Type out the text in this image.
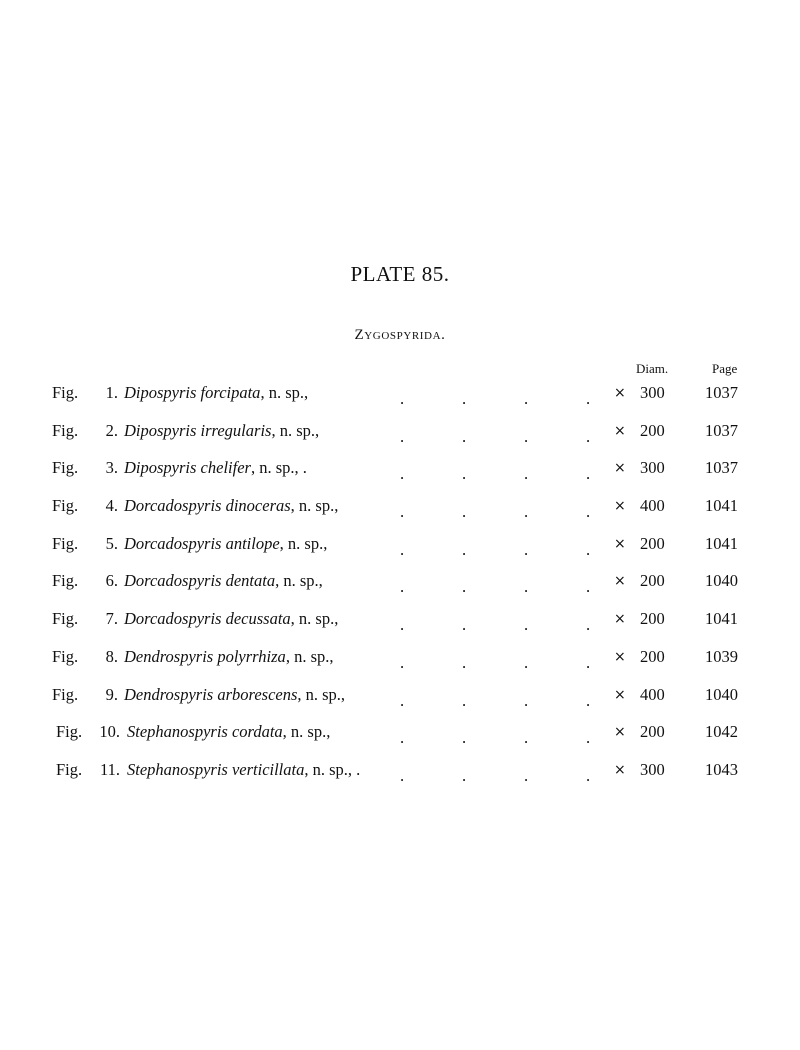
PLATE 85.
Zygospyrida.
Diam.	Page
Fig.	1. Dipospyris forcipata, n. sp.,	.	.	.	. × 300 1037
Fig.	2. Dipospyris irregularis, n. sp.,	.	.	.	. × 200 1037
Fig.	3. Dipospyris chelifer, n. sp., .	.	.	.	. × 300 1037
Fig.	4. Dorcadospyris dinoceras, n. sp.,	.	.	.	. × 400 1041
Fig.	5. Dorcadospyris antilope, n. sp.,	.	.	.	. × 200 1041
Fig.	6. Dorcadospyris dentata, n. sp.,	.	.	.	. × 200 1040
Fig.	7. Dorcadospyris decussata, n. sp.,	.	.	.	. × 200 1041
Fig.	8. Dendrospyris polyrrhiza, n. sp.,	.	.	.	. × 200 1039
Fig.	9. Dendrospyris arborescens, n. sp.,	.	.	.	. × 400 1040
Fig.	10. Stephanospyris cordata, n. sp.,	.	.	.	. × 200 1042
Fig.	11. Stephanospyris verticillata, n. sp., . .	.	.	. × 300 1043
